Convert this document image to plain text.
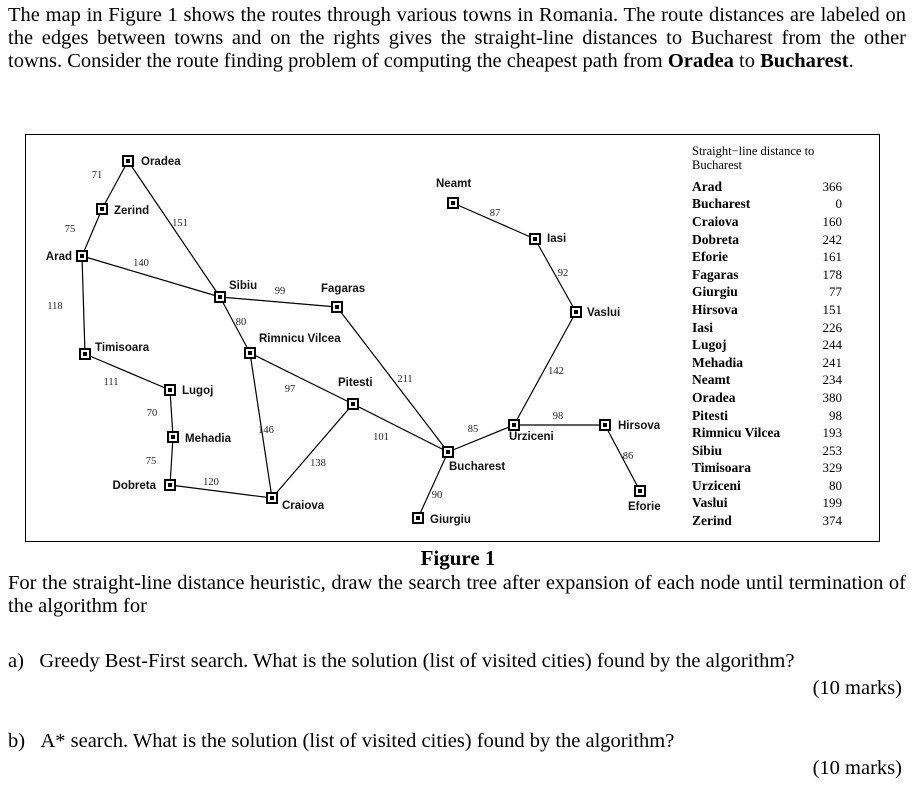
The map in Figure 1 shows the routes through various towns in Romania. The route distances are labeled on the edges between towns and on the rights gives the straight-line distances to Bucharest from the other towns. Consider the route finding problem of computing the cheapest path from Oradea to Bucharest.
71
75
151
140
118
99
80
111
70
75
120
146
97
138
101
211
90
85
98
86
142
92
87
Oradea
Zerind
Arad
Sibiu	Fagaras
Timisoara
Lugoj
Mehadia
Dobreta
Rimnicu Vilcea
Pitesti
Craiova
Bucharest
Giurgiu
Urziceni
Hirsova
Eforie
Vaslui
Iasi
Neamt
Straight−line distance to Bucharest
Arad	366
Bucharest	0
Craiova	160
Dobreta	242
Eforie	161
Fagaras	178
Giurgiu	77
Hirsova	151
Iasi	226
Lugoj	244
Mehadia	241
Neamt	234
Oradea	380
Pitesti	98
Rimnicu Vilcea	193
Sibiu	253
Timisoara	329
Urziceni	80
Vaslui	199
Zerind	374
Figure 1
For the straight-line distance heuristic, draw the search tree after expansion of each node until termination of the algorithm for
a) Greedy Best-First search. What is the solution (list of visited cities) found by the algorithm?
(10 marks)
b) A* search. What is the solution (list of visited cities) found by the algorithm?
(10 marks)
